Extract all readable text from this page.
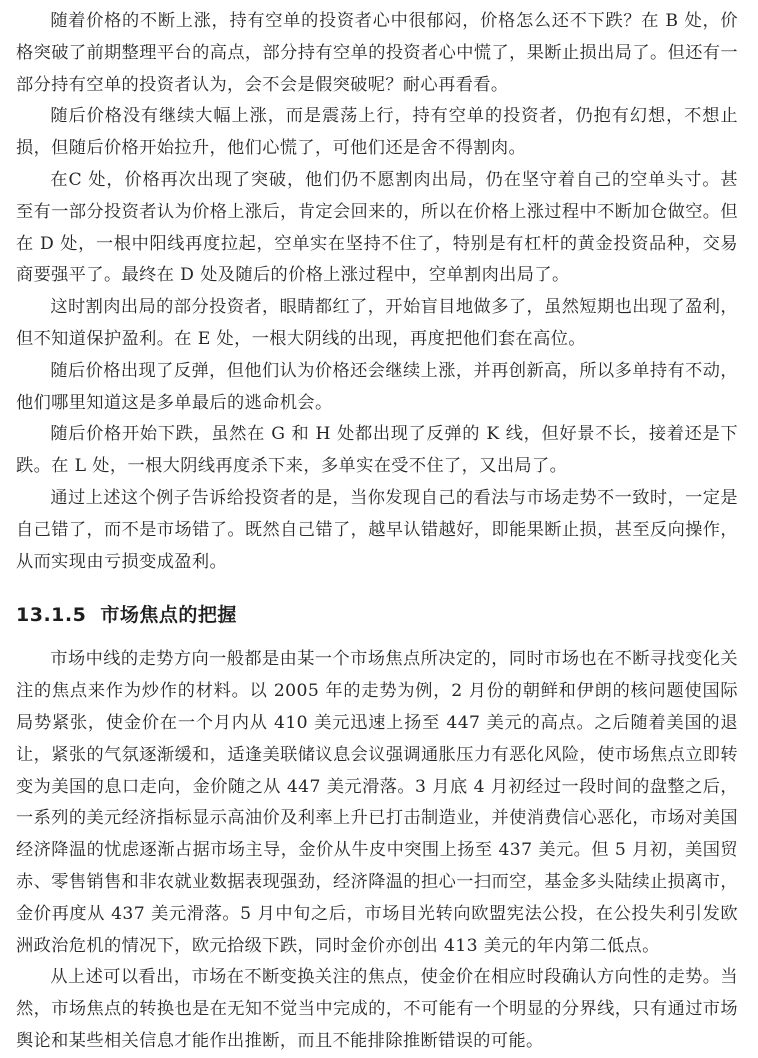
随着价格的不断上涨，持有空单的投资者心中很郁闷，价格怎么还不下跌？在 B 处，价格突破了前期整理平台的高点，部分持有空单的投资者心中慌了，果断止损出局了。但还有一部分持有空单的投资者认为，会不会是假突破呢？耐心再看看。

随后价格没有继续大幅上涨，而是震荡上行，持有空单的投资者，仍抱有幻想，不想止损，但随后价格开始拉升，他们心慌了，可他们还是舍不得割肉。

在C 处，价格再次出现了突破，他们仍不愿割肉出局，仍在坚守着自己的空单头寸。甚至有一部分投资者认为价格上涨后，肯定会回来的，所以在价格上涨过程中不断加仓做空。但在 D 处，一根中阳线再度拉起，空单实在坚持不住了，特别是有杠杆的黄金投资品种，交易商要强平了。最终在 D 处及随后的价格上涨过程中，空单割肉出局了。

这时割肉出局的部分投资者，眼睛都红了，开始盲目地做多了，虽然短期也出现了盈利，但不知道保护盈利。在 E 处，一根大阴线的出现，再度把他们套在高位。

随后价格出现了反弹，但他们认为价格还会继续上涨，并再创新高，所以多单持有不动，他们哪里知道这是多单最后的逃命机会。

随后价格开始下跌，虽然在 G 和 H 处都出现了反弹的 K 线，但好景不长，接着还是下跌。在 L 处，一根大阴线再度杀下来，多单实在受不住了，又出局了。

通过上述这个例子告诉给投资者的是，当你发现自己的看法与市场走势不一致时，一定是自己错了，而不是市场错了。既然自己错了，越早认错越好，即能果断止损，甚至反向操作，从而实现由亏损变成盈利。

13.1.5 市场焦点的把握

市场中线的走势方向一般都是由某一个市场焦点所决定的，同时市场也在不断寻找变化关注的焦点来作为炒作的材料。以 2005 年的走势为例，2 月份的朝鲜和伊朗的核问题使国际局势紧张，使金价在一个月内从 410 美元迅速上扬至 447 美元的高点。之后随着美国的退让，紧张的气氛逐渐缓和，适逢美联储议息会议强调通胀压力有恶化风险，使市场焦点立即转变为美国的息口走向，金价随之从 447 美元滑落。3 月底 4 月初经过一段时间的盘整之后，一系列的美元经济指标显示高油价及利率上升已打击制造业，并使消费信心恶化，市场对美国经济降温的忧虑逐渐占据市场主导，金价从牛皮中突围上扬至 437 美元。但 5 月初，美国贸赤、零售销售和非农就业数据表现强劲，经济降温的担心一扫而空，基金多头陆续止损离市，金价再度从 437 美元滑落。5 月中旬之后，市场目光转向欧盟宪法公投，在公投失利引发欧洲政治危机的情况下，欧元拾级下跌，同时金价亦创出 413 美元的年内第二低点。

从上述可以看出，市场在不断变换关注的焦点，使金价在相应时段确认方向性的走势。当然，市场焦点的转换也是在无知不觉当中完成的，不可能有一个明显的分界线，只有通过市场舆论和某些相关信息才能作出推断，而且不能排除推断错误的可能。
